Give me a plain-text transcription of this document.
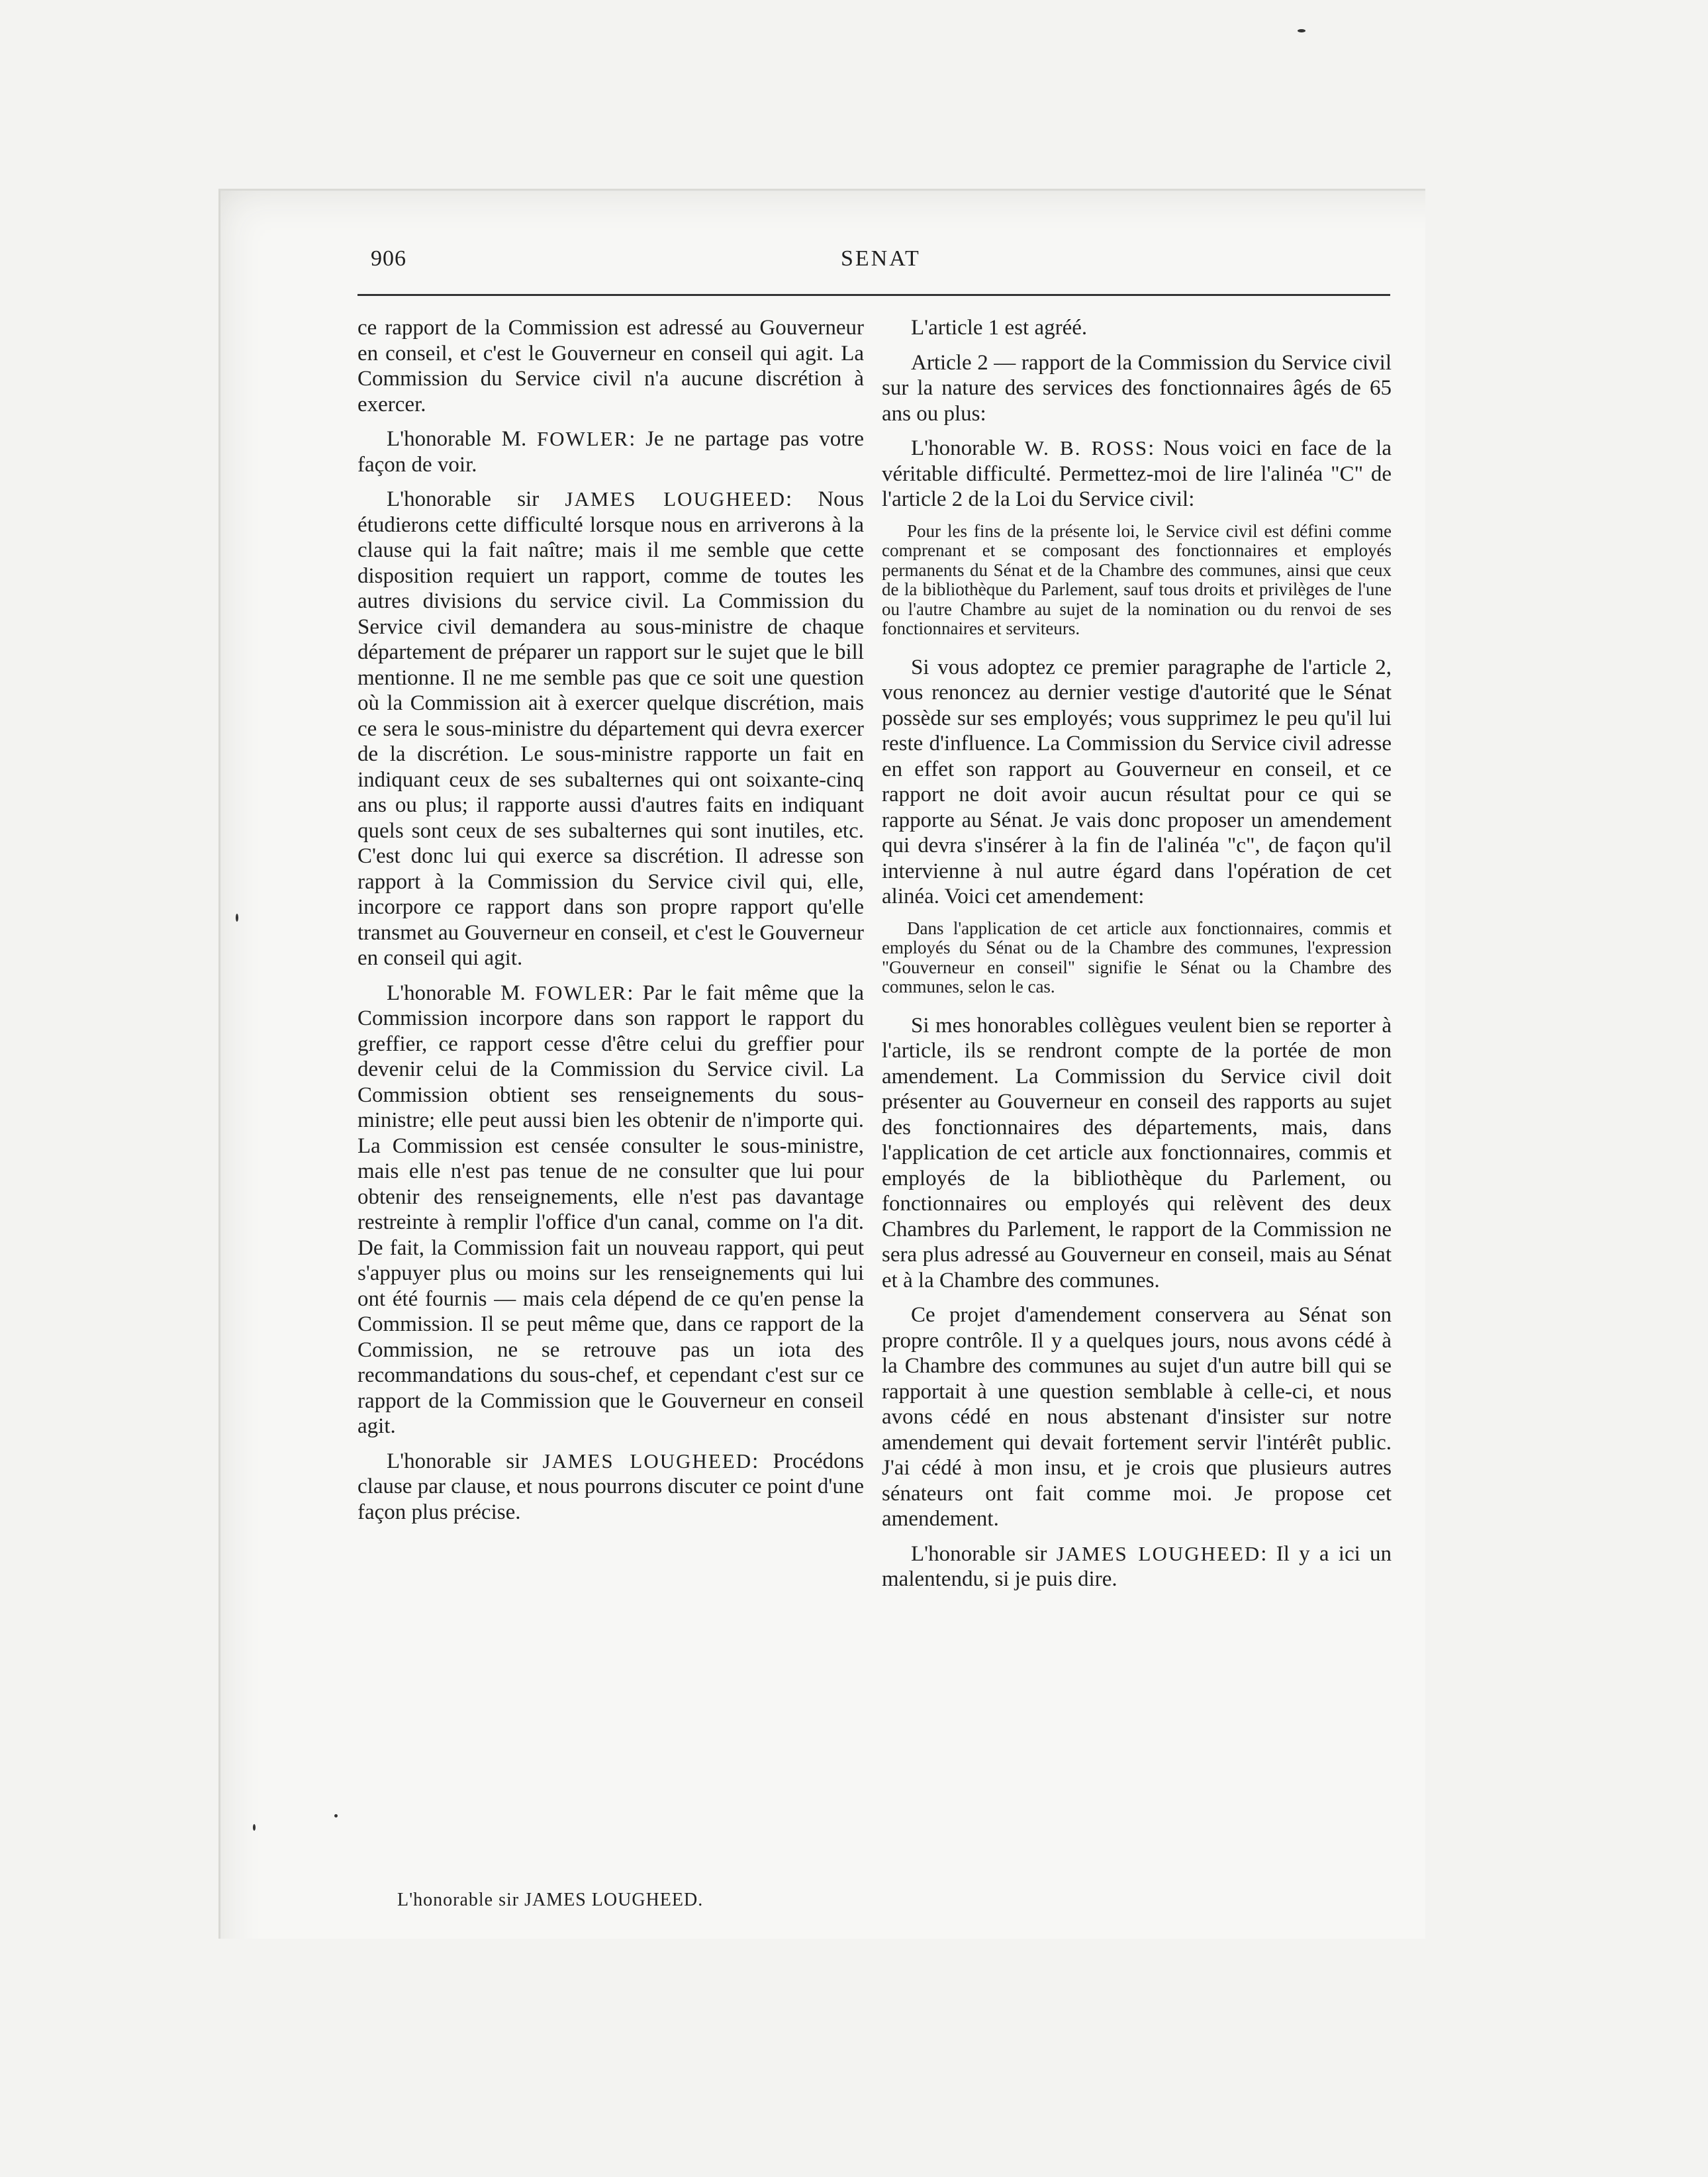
906	SENAT

ce rapport de la Commission est adressé au Gouverneur en conseil, et c'est le Gouverneur en conseil qui agit. La Commission du Service civil n'a aucune discrétion à exercer.

L'honorable M. FOWLER: Je ne partage pas votre façon de voir.

L'honorable sir JAMES LOUGHEED: Nous étudierons cette difficulté lorsque nous en arriverons à la clause qui la fait naître; mais il me semble que cette disposition requiert un rapport, comme de toutes les autres divisions du service civil. La Commission du Service civil demandera au sous-ministre de chaque département de préparer un rapport sur le sujet que le bill mentionne. Il ne me semble pas que ce soit une question où la Commission ait à exercer quelque discrétion, mais ce sera le sous-ministre du département qui devra exercer de la discrétion. Le sous-ministre rapporte un fait en indiquant ceux de ses subalternes qui ont soixante-cinq ans ou plus; il rapporte aussi d'autres faits en indiquant quels sont ceux de ses subalternes qui sont inutiles, etc. C'est donc lui qui exerce sa discrétion. Il adresse son rapport à la Commission du Service civil qui, elle, incorpore ce rapport dans son propre rapport qu'elle transmet au Gouverneur en conseil, et c'est le Gouverneur en conseil qui agit.

L'honorable M. FOWLER: Par le fait même que la Commission incorpore dans son rapport le rapport du greffier, ce rapport cesse d'être celui du greffier pour devenir celui de la Commission du Service civil. La Commission obtient ses renseignements du sous-ministre; elle peut aussi bien les obtenir de n'importe qui. La Commission est censée consulter le sous-ministre, mais elle n'est pas tenue de ne consulter que lui pour obtenir des renseignements, elle n'est pas davantage restreinte à remplir l'office d'un canal, comme on l'a dit. De fait, la Commission fait un nouveau rapport, qui peut s'appuyer plus ou moins sur les renseignements qui lui ont été fournis — mais cela dépend de ce qu'en pense la Commission. Il se peut même que, dans ce rapport de la Commission, ne se retrouve pas un iota des recommandations du sous-chef, et cependant c'est sur ce rapport de la Commission que le Gouverneur en conseil agit.

L'honorable sir JAMES LOUGHEED: Procédons clause par clause, et nous pourrons discuter ce point d'une façon plus précise.

L'article 1 est agréé.

Article 2 — rapport de la Commission du Service civil sur la nature des services des fonctionnaires âgés de 65 ans ou plus:

L'honorable W. B. ROSS: Nous voici en face de la véritable difficulté. Permettez-moi de lire l'alinéa "C" de l'article 2 de la Loi du Service civil:

Pour les fins de la présente loi, le Service civil est défini comme comprenant et se composant des fonctionnaires et employés permanents du Sénat et de la Chambre des communes, ainsi que ceux de la bibliothèque du Parlement, sauf tous droits et privilèges de l'une ou l'autre Chambre au sujet de la nomination ou du renvoi de ses fonctionnaires et serviteurs.

Si vous adoptez ce premier paragraphe de l'article 2, vous renoncez au dernier vestige d'autorité que le Sénat possède sur ses employés; vous supprimez le peu qu'il lui reste d'influence. La Commission du Service civil adresse en effet son rapport au Gouverneur en conseil, et ce rapport ne doit avoir aucun résultat pour ce qui se rapporte au Sénat. Je vais donc proposer un amendement qui devra s'insérer à la fin de l'alinéa "c", de façon qu'il intervienne à nul autre égard dans l'opération de cet alinéa. Voici cet amendement:

Dans l'application de cet article aux fonctionnaires, commis et employés du Sénat ou de la Chambre des communes, l'expression "Gouverneur en conseil" signifie le Sénat ou la Chambre des communes, selon le cas.

Si mes honorables collègues veulent bien se reporter à l'article, ils se rendront compte de la portée de mon amendement. La Commission du Service civil doit présenter au Gouverneur en conseil des rapports au sujet des fonctionnaires des départements, mais, dans l'application de cet article aux fonctionnaires, commis et employés de la bibliothèque du Parlement, ou fonctionnaires ou employés qui relèvent des deux Chambres du Parlement, le rapport de la Commission ne sera plus adressé au Gouverneur en conseil, mais au Sénat et à la Chambre des communes.

Ce projet d'amendement conservera au Sénat son propre contrôle. Il y a quelques jours, nous avons cédé à la Chambre des communes au sujet d'un autre bill qui se rapportait à une question semblable à celle-ci, et nous avons cédé en nous abstenant d'insister sur notre amendement qui devait fortement servir l'intérêt public. J'ai cédé à mon insu, et je crois que plusieurs autres sénateurs ont fait comme moi. Je propose cet amendement.

L'honorable sir JAMES LOUGHEED: Il y a ici un malentendu, si je puis dire.

L'honorable sir JAMES LOUGHEED.
